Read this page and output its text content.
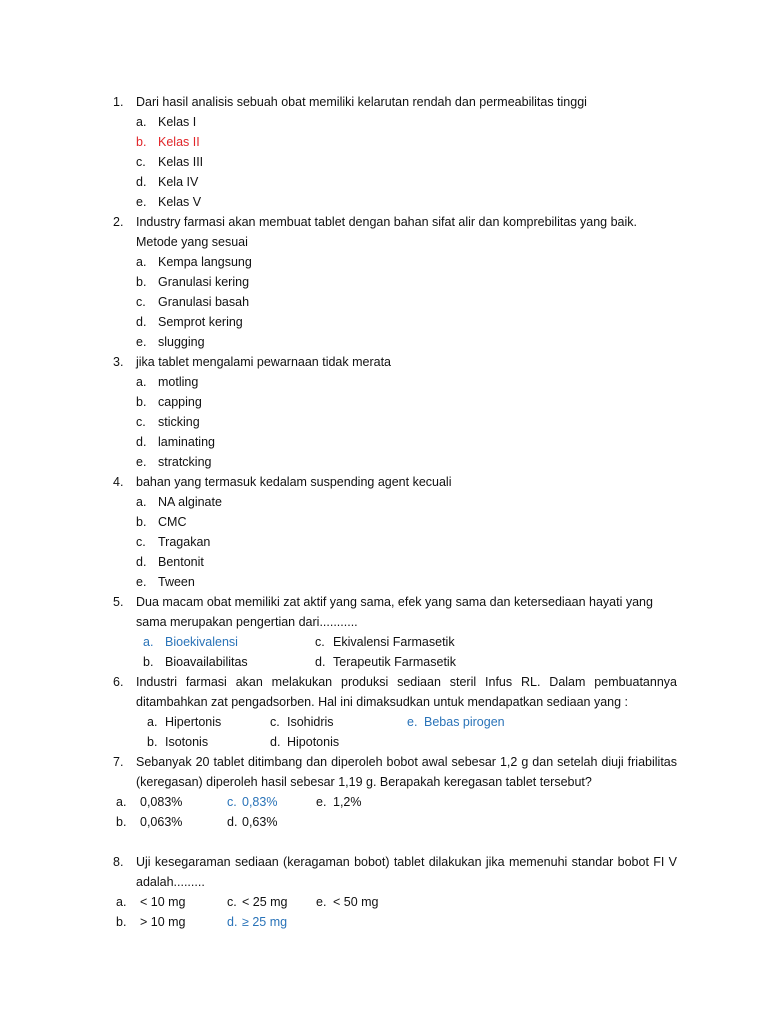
1. Dari hasil analisis sebuah obat memiliki kelarutan rendah dan permeabilitas tinggi
a. Kelas I
b. Kelas II
c. Kelas III
d. Kela IV
e. Kelas V
2. Industry farmasi akan membuat tablet dengan bahan sifat alir dan komprebilitas yang baik.
Metode yang sesuai
a. Kempa langsung
b. Granulasi kering
c. Granulasi basah
d. Semprot kering
e. slugging
3. jika tablet mengalami pewarnaan tidak merata
a. motling
b. capping
c. sticking
d. laminating
e. stratcking
4. bahan yang termasuk kedalam suspending agent kecuali
a. NA alginate
b. CMC
c. Tragakan
d. Bentonit
e. Tween
5. Dua macam obat memiliki zat aktif yang sama, efek yang sama dan ketersediaan hayati yang
sama merupakan pengertian dari...........
a. Bioekivalensi	c. Ekivalensi Farmasetik
b. Bioavailabilitas	d. Terapeutik Farmasetik
6. Industri farmasi akan melakukan produksi sediaan steril Infus RL. Dalam pembuatannya
ditambahkan zat pengadsorben. Hal ini dimaksudkan untuk mendapatkan sediaan yang :
a. Hipertonis	c. Isohidris	e. Bebas pirogen
b. Isotonis	d. Hipotonis
7. Sebanyak 20 tablet ditimbang dan diperoleh bobot awal sebesar 1,2 g dan setelah diuji friabilitas
(keregasan) diperoleh hasil sebesar 1,19 g. Berapakah keregasan tablet tersebut?
a. 0,083%	c. 0,83%	e. 1,2%
b. 0,063%	d. 0,63%
8. Uji kesegaraman sediaan (keragaman bobot) tablet dilakukan jika memenuhi standar bobot FI V
adalah.........
a. < 10 mg	c. < 25 mg e. < 50 mg
b. > 10 mg	d. ≥ 25 mg
